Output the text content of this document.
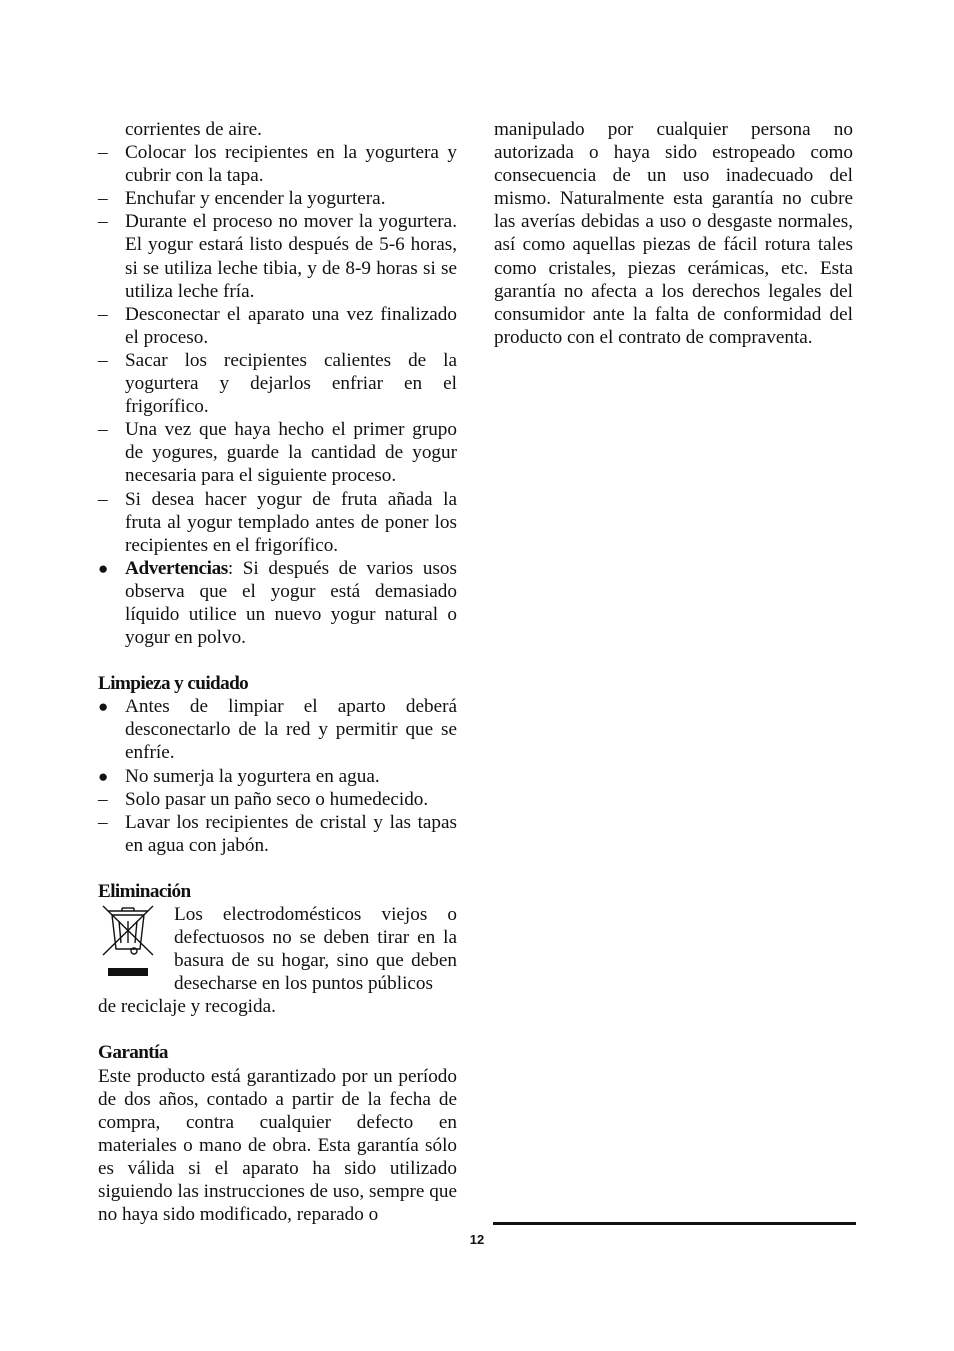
corrientes de aire.
–
Colocar los recipientes en la yogurtera y cubrir con la tapa.
–
Enchufar y encender la yogurtera.
–
Durante el proceso no mover la yogurtera. El yogur estará listo después de 5-6 horas, si se utiliza leche tibia, y de 8-9 horas si se utiliza leche fría.
–
Desconectar el aparato una vez finalizado el proceso.
–
Sacar los recipientes calientes de la yogurtera y dejarlos enfriar en el frigorífico.
–
Una vez que haya hecho el primer grupo de yogures, guarde la cantidad de yogur necesaria para el siguiente proceso.
–
Si desea hacer yogur de fruta añada la fruta al yogur templado antes de poner los recipientes en el frigorífico.
●
Advertencias: Si después de varios usos observa que el yogur está demasiado líquido utilice un nuevo yogur natural o yogur en polvo.
Limpieza y cuidado
●
Antes de limpiar el aparto deberá desconectarlo de la red y permitir que se enfríe.
●
No sumerja la yogurtera en agua.
–
Solo pasar un paño seco o humedecido.
–
Lavar los recipientes de cristal y las tapas en agua con jabón.
Eliminación
Los electrodomésticos viejos o defectuosos no se deben tirar en la basura de su hogar, sino que deben desecharse en los puntos públicos
de reciclaje y recogida.
Garantía
Este producto está garantizado por un período de dos años, contado a partir de la fecha de compra, contra cualquier defecto en materiales o mano de obra. Esta garantía sólo es válida si el aparato ha sido utilizado siguiendo las instrucciones de uso, sempre que no haya sido modificado, reparado o
manipulado por cualquier persona no autorizada o haya sido estropeado como consecuencia de un uso inadecuado del mismo. Naturalmente esta garantía no cubre las averías debidas a uso o desgaste normales, así como aquellas piezas de fácil rotura tales como cristales, piezas cerámicas, etc. Esta garantía no afecta a los derechos legales del consumidor ante la falta de conformidad del producto con el contrato de compraventa.
12
